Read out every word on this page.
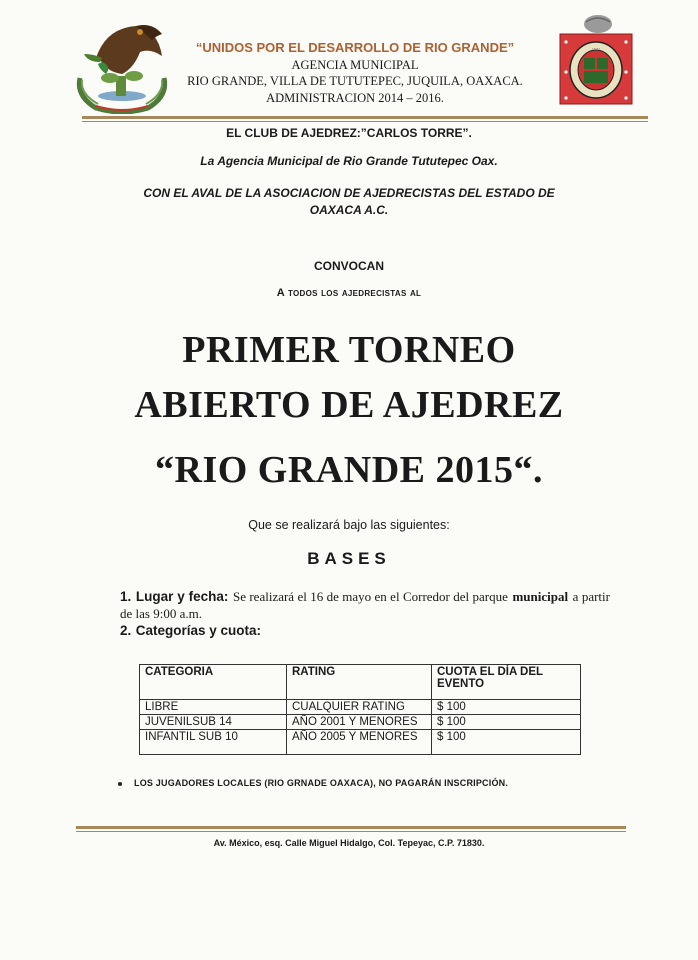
·····
“UNIDOS POR EL DESARROLLO DE RIO GRANDE”
AGENCIA MUNICIPAL
RIO GRANDE, VILLA DE TUTUTEPEC, JUQUILA, OAXACA.
ADMINISTRACION 2014 – 2016.
EL CLUB DE AJEDREZ:”CARLOS TORRE”.
La Agencia Municipal de Rio Grande Tututepec Oax.
CON EL AVAL DE LA ASOCIACION DE AJEDRECISTAS DEL ESTADO DE
OAXACA A.C.
CONVOCAN
A todos los ajedrecistas al
PRIMER TORNEO
ABIERTO DE AJEDREZ
“RIO GRANDE 2015“.
Que se realizará bajo las siguientes:
BASES
1. Lugar y fecha: Se realizará el 16 de mayo en el Corredor del parque municipal a partir de las 9:00 a.m.
2. Categorías y cuota:
CATEGORIA	RATING	CUOTA EL DÍA DEL EVENTO
LIBRE	CUALQUIER RATING	$ 100
JUVENILSUB 14	AÑO 2001 Y MENORES	$ 100
INFANTIL SUB 10	AÑO 2005 Y MENORES	$ 100
LOS JUGADORES LOCALES (RIO GRNADE OAXACA), NO PAGARÁN INSCRIPCIÓN.
Av. México, esq. Calle Miguel Hidalgo, Col. Tepeyac, C.P. 71830.
